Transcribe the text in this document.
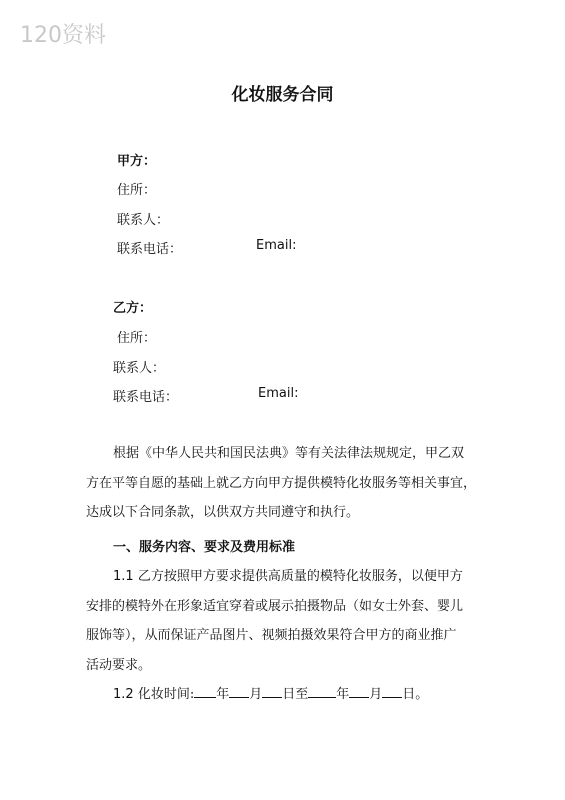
120资料
化妆服务合同
甲方：
住所：
联系人：
联系电话：	Email:
乙方：
住所：
联系人：
联系电话：	Email:
根据《中华人民共和国民法典》等有关法律法规规定，甲乙双
方在平等自愿的基础上就乙方向甲方提供模特化妆服务等相关事宜，
达成以下合同条款，以供双方共同遵守和执行。
一、服务内容、要求及费用标准
1.1 乙方按照甲方要求提供高质量的模特化妆服务，以便甲方
安排的模特外在形象适宜穿着或展示拍摄物品（如女士外套、婴儿
服饰等），从而保证产品图片、视频拍摄效果符合甲方的商业推广
活动要求。
1.2 化妆时间: 年 月 日至 年 月 日。
